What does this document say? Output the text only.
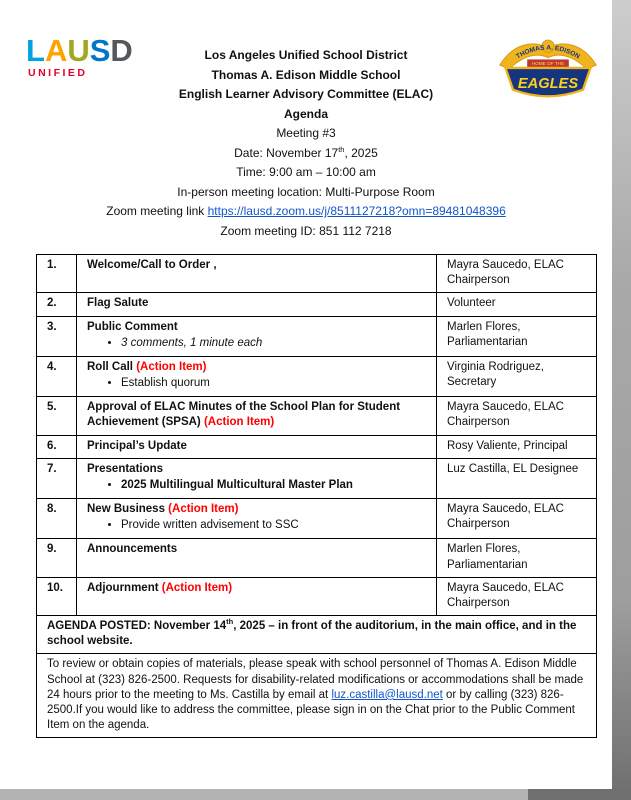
LAUSD
UNIFIED
THOMAS A. EDISON
HOME OF THE
EAGLES
Los Angeles Unified School District
Thomas A. Edison Middle School
English Learner Advisory Committee (ELAC)
Agenda
Meeting #3
Date: November 17th, 2025
Time: 9:00 am – 10:00 am
In-person meeting location: Multi-Purpose Room
Zoom meeting link https://lausd.zoom.us/j/8511127218?omn=89481048396
Zoom meeting ID: 851 112 7218
1.	Welcome/Call to Order ,	Mayra Saucedo, ELAC Chairperson
2.	Flag Salute	Volunteer
3.	Public Comment
• 3 comments, 1 minute each
	Marlen Flores, Parliamentarian
4.	Roll Call (Action Item)
• Establish quorum
	Virginia Rodriguez, Secretary
5.	Approval of ELAC Minutes of the School Plan for Student Achievement (SPSA) (Action Item)	Mayra Saucedo, ELAC Chairperson
6.	Principal’s Update	Rosy Valiente, Principal
7.	Presentations
• 2025 Multilingual Multicultural Master Plan
	Luz Castilla, EL Designee
8.	New Business (Action Item)
• Provide written advisement to SSC
	Mayra Saucedo, ELAC Chairperson
9.	Announcements	Marlen Flores, Parliamentarian
10.	Adjournment (Action Item)	Mayra Saucedo, ELAC Chairperson
AGENDA POSTED: November 14th, 2025 – in front of the auditorium, in the main office, and in the school website.		
To review or obtain copies of materials, please speak with school personnel of Thomas A. Edison Middle School at (323) 826-2500. Requests for disability-related modifications or accommodations shall be made 24 hours prior to the meeting to Ms. Castilla by email at luz.castilla@lausd.net or by calling (323) 826-2500.If you would like to address the committee, please sign in on the Chat prior to the Public Comment Item on the agenda.		
